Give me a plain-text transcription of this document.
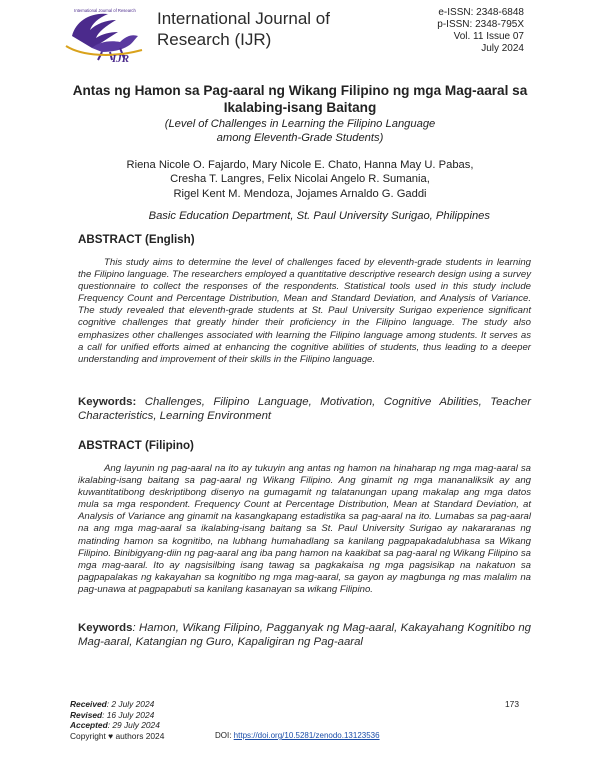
IJR
International Journal of Research International Journal of Research (IJR)
e-ISSN: 2348-6848
p-ISSN: 2348-795X
Vol. 11 Issue 07
July 2024
Antas ng Hamon sa Pag-aaral ng Wikang Filipino ng mga Mag-aaral sa Ikalabing-isang Baitang
(Level of Challenges in Learning the Filipino Language
among Eleventh-Grade Students)
Riena Nicole O. Fajardo, Mary Nicole E. Chato, Hanna May U. Pabas,
Cresha T. Langres, Felix Nicolai Angelo R. Sumania,
Rigel Kent M. Mendoza, Jojames Arnaldo G. Gaddi
Basic Education Department, St. Paul University Surigao, Philippines
ABSTRACT (English)
This study aims to determine the level of challenges faced by eleventh-grade students in learning the Filipino language. The researchers employed a quantitative descriptive research design using a survey questionnaire to collect the responses of the respondents. Statistical tools used in this study include Frequency Count and Percentage Distribution, Mean and Standard Deviation, and Analysis of Variance. The study revealed that eleventh-grade students at St. Paul University Surigao experience significant cognitive challenges that greatly hinder their proficiency in the Filipino language. The study also emphasizes other challenges associated with learning the Filipino language among students. It serves as a call for unified efforts aimed at enhancing the cognitive abilities of students, thus leading to a deeper understanding and improvement of their skills in the Filipino language.
Keywords: Challenges, Filipino Language, Motivation, Cognitive Abilities, Teacher Characteristics, Learning Environment
ABSTRACT (Filipino)
Ang layunin ng pag-aaral na ito ay tukuyin ang antas ng hamon na hinaharap ng mga mag-aaral sa ikalabing-isang baitang sa pag-aaral ng Wikang Filipino. Ang ginamit ng mga mananaliksik ay ang kuwantitatibong deskriptibong disenyo na gumagamit ng talatanungan upang makalap ang mga datos mula sa mga respondent. Frequency Count at Percentage Distribution, Mean at Standard Deviation, at Analysis of Variance ang ginamit na kasangkapang estadistika sa pag-aaral na ito. Lumabas sa pag-aaral na ang mga mag-aaral sa ikalabing-isang baitang sa St. Paul University Surigao ay nakararanas ng matinding hamon sa kognitibo, na lubhang humahadlang sa kanilang pagpapakadalubhasa sa Wikang Filipino. Binibigyang-diin ng pag-aaral ang iba pang hamon na kaakibat sa pag-aaral ng Wikang Filipino sa mga mag-aaral. Ito ay nagsisilbing isang tawag sa pagkakaisa ng mga pagsisikap na nakatuon sa pagpapalakas ng kakayahan sa kognitibo ng mga mag-aaral, sa gayon ay magbunga ng mas malalim na pag-unawa at pagpapabuti sa kanilang kasanayan sa wikang Filipino.
Keywords: Hamon, Wikang Filipino, Pagganyak ng Mag-aaral, Kakayahang Kognitibo ng Mag-aaral, Katangian ng Guro, Kapaligiran ng Pag-aaral
Received: 2 July 2024
Revised: 16 July 2024
Accepted: 29 July 2024
Copyright ♥ authors 2024
173
DOI: https://doi.org/10.5281/zenodo.13123536
